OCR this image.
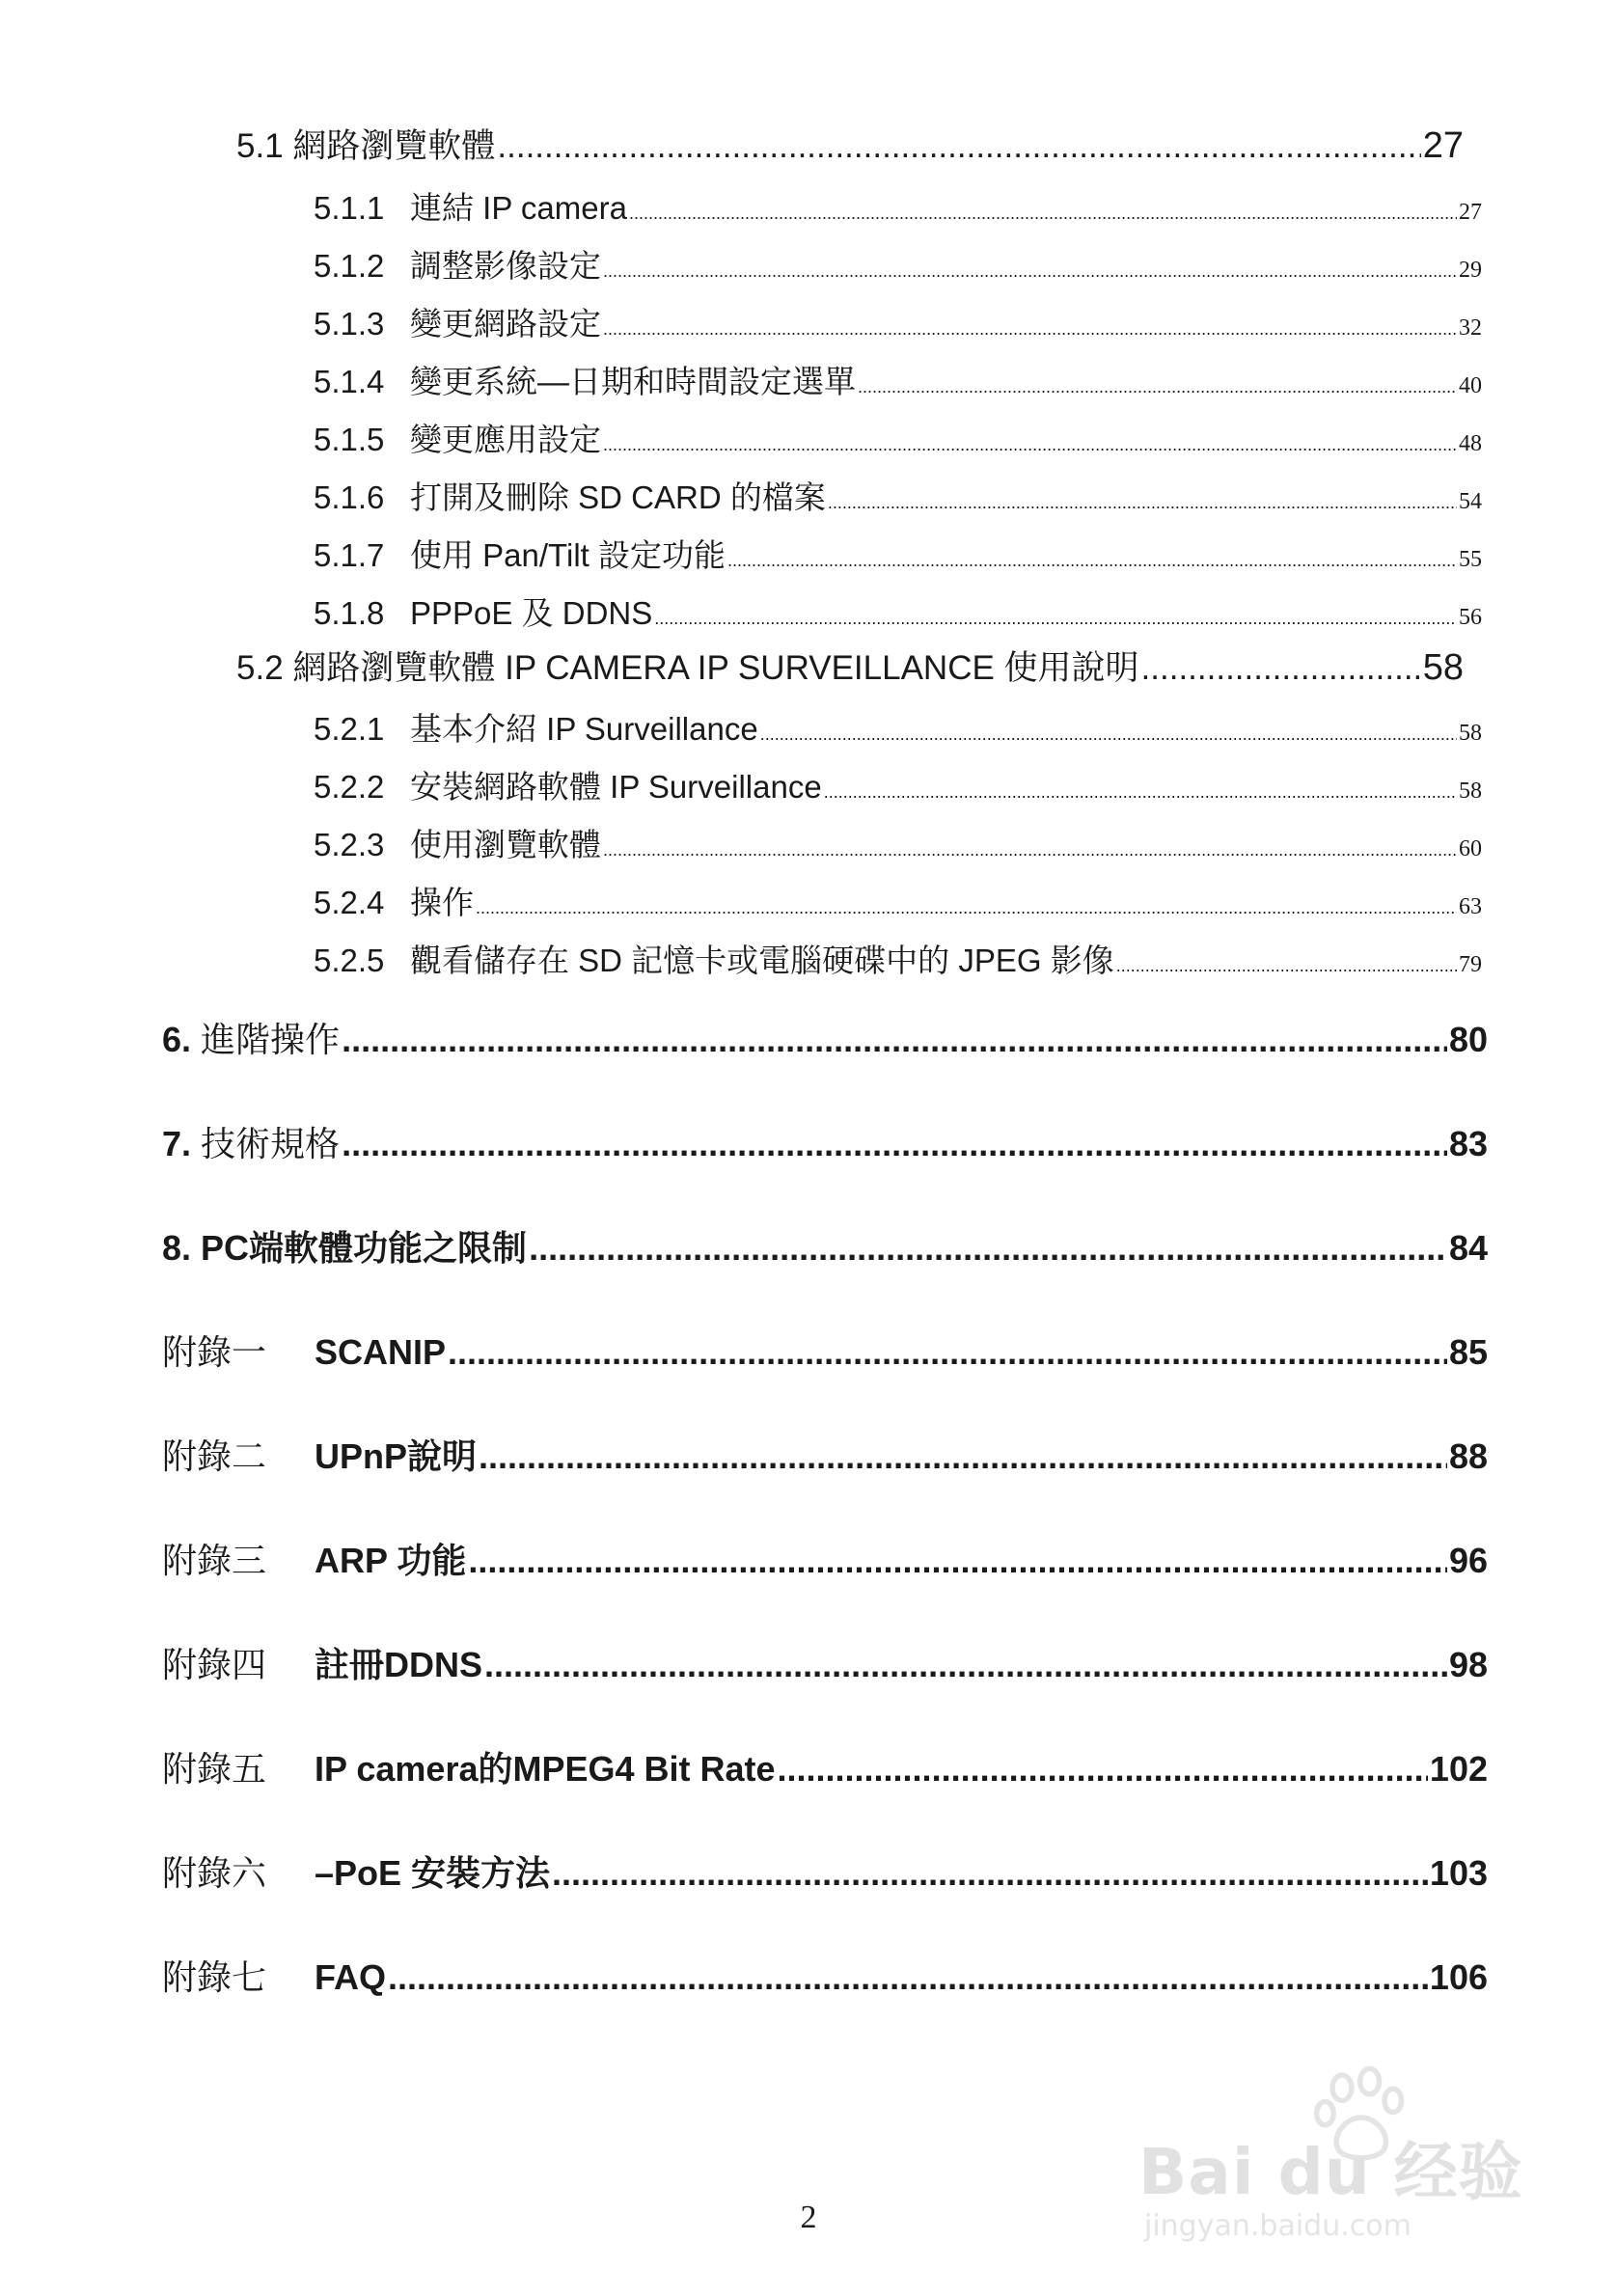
5.1 網路瀏覽軟體 .....	27
5.1.1 連結 IP camera .....	27
5.1.2 調整影像設定 .....	29
5.1.3 變更網路設定 .....	32
5.1.4 變更系統—日期和時間設定選單 .....	40
5.1.5 變更應用設定 .....	48
5.1.6 打開及刪除 SD CARD 的檔案 .....	54
5.1.7 使用 Pan/Tilt 設定功能 .....	55
5.1.8 PPPoE 及 DDNS .....	56
5.2 網路瀏覽軟體 IP CAMERA IP SURVEILLANCE 使用說明 .....	58
5.2.1 基本介紹 IP Surveillance .....	58
5.2.2 安裝網路軟體 IP Surveillance .....	58
5.2.3 使用瀏覽軟體 .....	60
5.2.4 操作 .....	63
5.2.5 觀看儲存在 SD 記憶卡或電腦硬碟中的 JPEG 影像 .....	79
6. 進階操作 .....	80
7. 技術規格 .....	83
8. PC端軟體功能之限制 .....	84
附錄一 SCANIP .....	85
附錄二 UPnP說明 .....	88
附錄三 ARP 功能 .....	96
附錄四 註冊DDNS .....	98
附錄五 IP camera的MPEG4 Bit Rate .....	102
附錄六 –PoE 安裝方法 .....	103
附錄七 FAQ .....	106
2
Bai du 经验
jingyan.baidu.com
